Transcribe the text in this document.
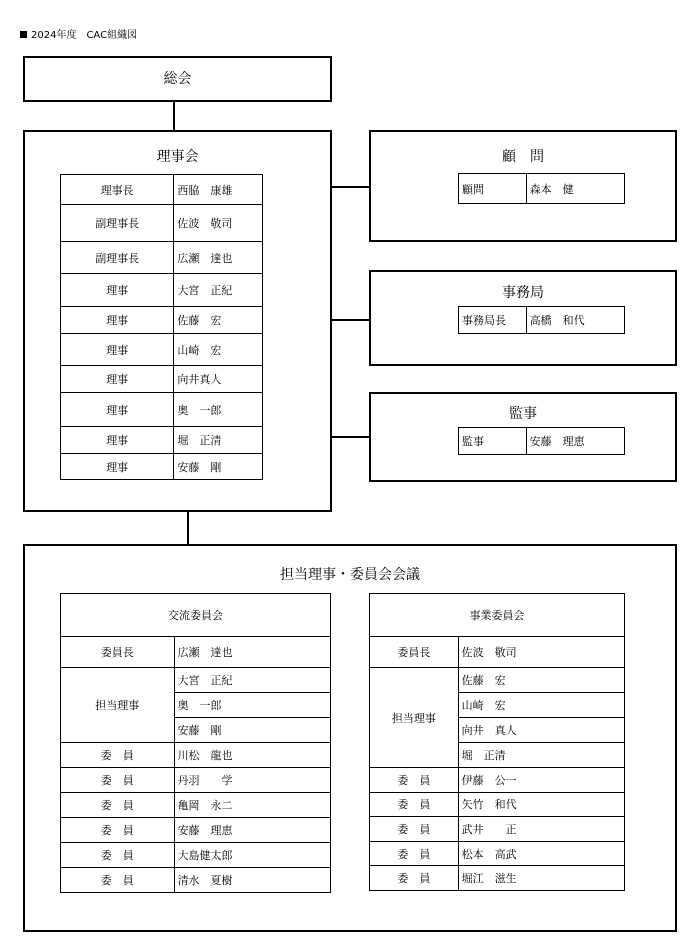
2024年度　CAC組織図
総会
理事会
理事長	西脇　康雄
副理事長	佐波　敬司
副理事長	広瀬　達也
理事	大宮　正紀
理事	佐藤　宏
理事	山崎　宏
理事	向井真人
理事	奥　一郎
理事	堀　正清
理事	安藤　剛
顧　問
顧問	森本　健
事務局
事務局長	高橋　和代
監事
監事	安藤　理恵
担当理事・委員会会議
交流委員会	
委員長	広瀬　達也
担当理事	大宮　正紀
	奥　一郎
	安藤　剛
委　員	川松　龍也
委　員	丹羽　　学
委　員	亀岡　永二
委　員	安藤　理恵
委　員	大島健太郎
委　員	清水　夏樹
事業委員会	
委員長	佐波　敬司
担当理事	佐藤　宏
	山崎　宏
	向井　真人
	堀　正清
委　員	伊藤　公一
委　員	矢竹　和代
委　員	武井　　正
委　員	松本　高武
委　員	堀江　滋生
